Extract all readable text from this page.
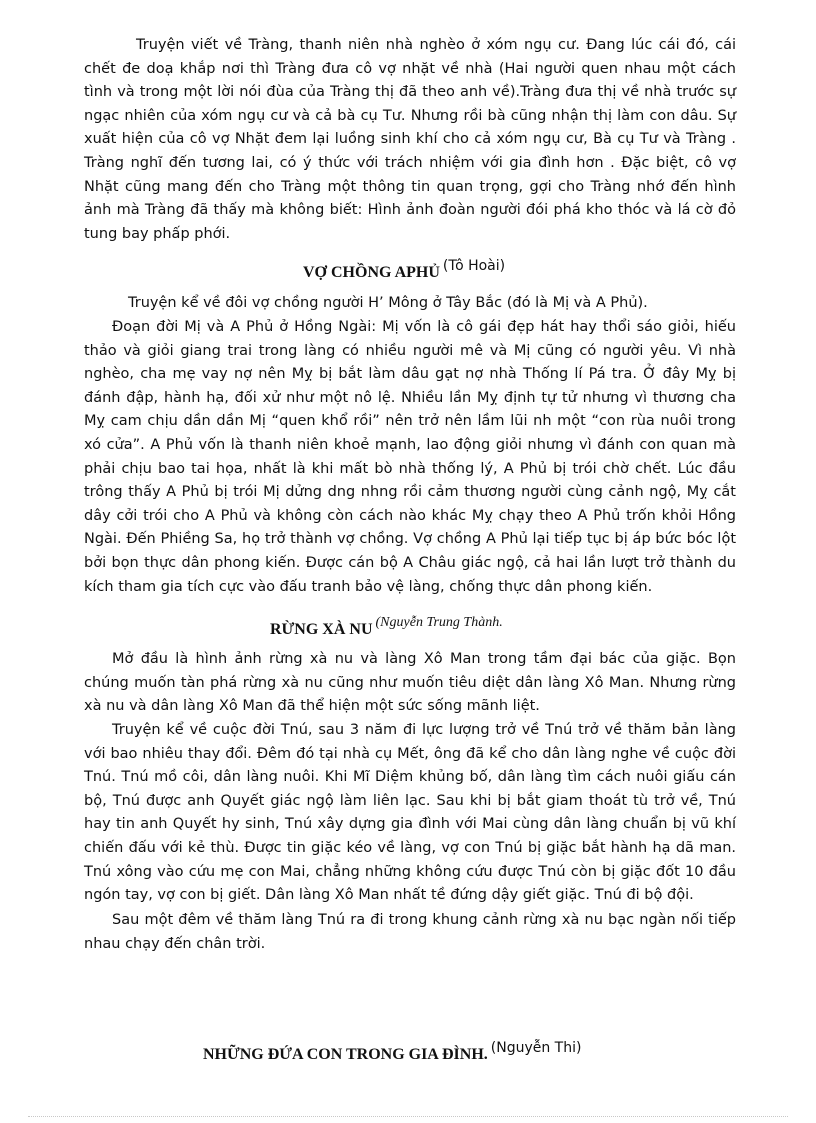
Truyện viết về Tràng, thanh niên nhà nghèo ở xóm ngụ cư. Đang lúc cái đó, cái chết đe doạ khắp nơi thì Tràng đưa cô vợ nhặt về nhà (Hai người quen nhau một cách tình và trong một lời nói đùa của Tràng thị đã theo anh về).Tràng đưa thị về nhà trước sự ngạc nhiên của xóm ngụ cư và cả bà cụ Tư. Nhưng rồi bà cũng nhận thị làm con dâu. Sự xuất hiện của cô vợ Nhặt đem lại luồng sinh khí cho cả xóm ngụ cư, Bà cụ Tư và Tràng . Tràng nghĩ đến tương lai, có ý thức với trách nhiệm với gia đình hơn . Đặc biệt, cô vợ Nhặt cũng mang đến cho Tràng một thông tin quan trọng, gợi cho Tràng nhớ đến hình ảnh mà Tràng đã thấy mà không biết: Hình ảnh đoàn người đói phá kho thóc và lá cờ đỏ tung bay phấp phới.

VỢ CHỒNG APHỦ (Tô Hoài)

Truyện kể về đôi vợ chồng người H’ Mông ở Tây Bắc (đó là Mị và A Phủ).

Đoạn đời Mị và A Phủ ở Hồng Ngài: Mị vốn là cô gái đẹp hát hay thổi sáo giỏi, hiếu thảo và giỏi giang trai trong làng có nhiều người mê và Mị cũng có người yêu. Vì nhà nghèo, cha mẹ vay nợ nên Mỵ bị bắt làm dâu gạt nợ nhà Thống lí Pá tra. Ở đây Mỵ bị đánh đập, hành hạ, đối xử như một nô lệ. Nhiều lần Mỵ định tự tử nhưng vì thương cha Mỵ cam chịu dần dần Mị “quen khổ rồi” nên trở nên lầm lũi nh một “con rùa nuôi trong xó cửa”. A Phủ vốn là thanh niên khoẻ mạnh, lao động giỏi nhưng vì đánh con quan mà phải chịu bao tai họa, nhất là khi mất bò nhà thống lý, A Phủ bị trói chờ chết. Lúc đầu trông thấy A Phủ bị trói Mị dửng dng nhng rồi cảm thương người cùng cảnh ngộ, Mỵ cắt dây cởi trói cho A Phủ và không còn cách nào khác Mỵ chạy theo A Phủ trốn khỏi Hồng Ngài. Đến Phiềng Sa, họ trở thành vợ chồng. Vợ chồng A Phủ lại tiếp tục bị áp bức bóc lột bởi bọn thực dân phong kiến. Được cán bộ A Châu giác ngộ, cả hai lần lượt trở thành du kích tham gia tích cực vào đấu tranh bảo vệ làng, chống thực dân phong kiến.

RỪNG XÀ NU (Nguyễn Trung Thành.

Mở đầu là hình ảnh rừng xà nu và làng Xô Man trong tầm đại bác của giặc. Bọn chúng muốn tàn phá rừng xà nu cũng như muốn tiêu diệt dân làng Xô Man. Nhưng rừng xà nu và dân làng Xô Man đã thể hiện một sức sống mãnh liệt.

Truyện kể về cuộc đời Tnú, sau 3 năm đi lực lượng trở về Tnú trở về thăm bản làng với bao nhiêu thay đổi. Đêm đó tại nhà cụ Mết, ông đã kể cho dân làng nghe về cuộc đời Tnú. Tnú mồ côi, dân làng nuôi. Khi Mĩ Diệm khủng bố, dân làng tìm cách nuôi giấu cán bộ, Tnú được anh Quyết giác ngộ làm liên lạc. Sau khi bị bắt giam thoát tù trở về, Tnú hay tin anh Quyết hy sinh, Tnú xây dựng gia đình với Mai cùng dân làng chuẩn bị vũ khí chiến đấu với kẻ thù. Được tin giặc kéo về làng, vợ con Tnú bị giặc bắt hành hạ dã man. Tnú xông vào cứu mẹ con Mai, chẳng những không cứu được Tnú còn bị giặc đốt 10 đầu ngón tay, vợ con bị giết. Dân làng Xô Man nhất tề đứng dậy giết giặc. Tnú đi bộ đội.

Sau một đêm về thăm làng Tnú ra đi trong khung cảnh rừng xà nu bạc ngàn nối tiếp nhau chạy đến chân trời.

NHỮNG ĐỨA CON TRONG GIA ĐÌNH. (Nguyễn Thi)
